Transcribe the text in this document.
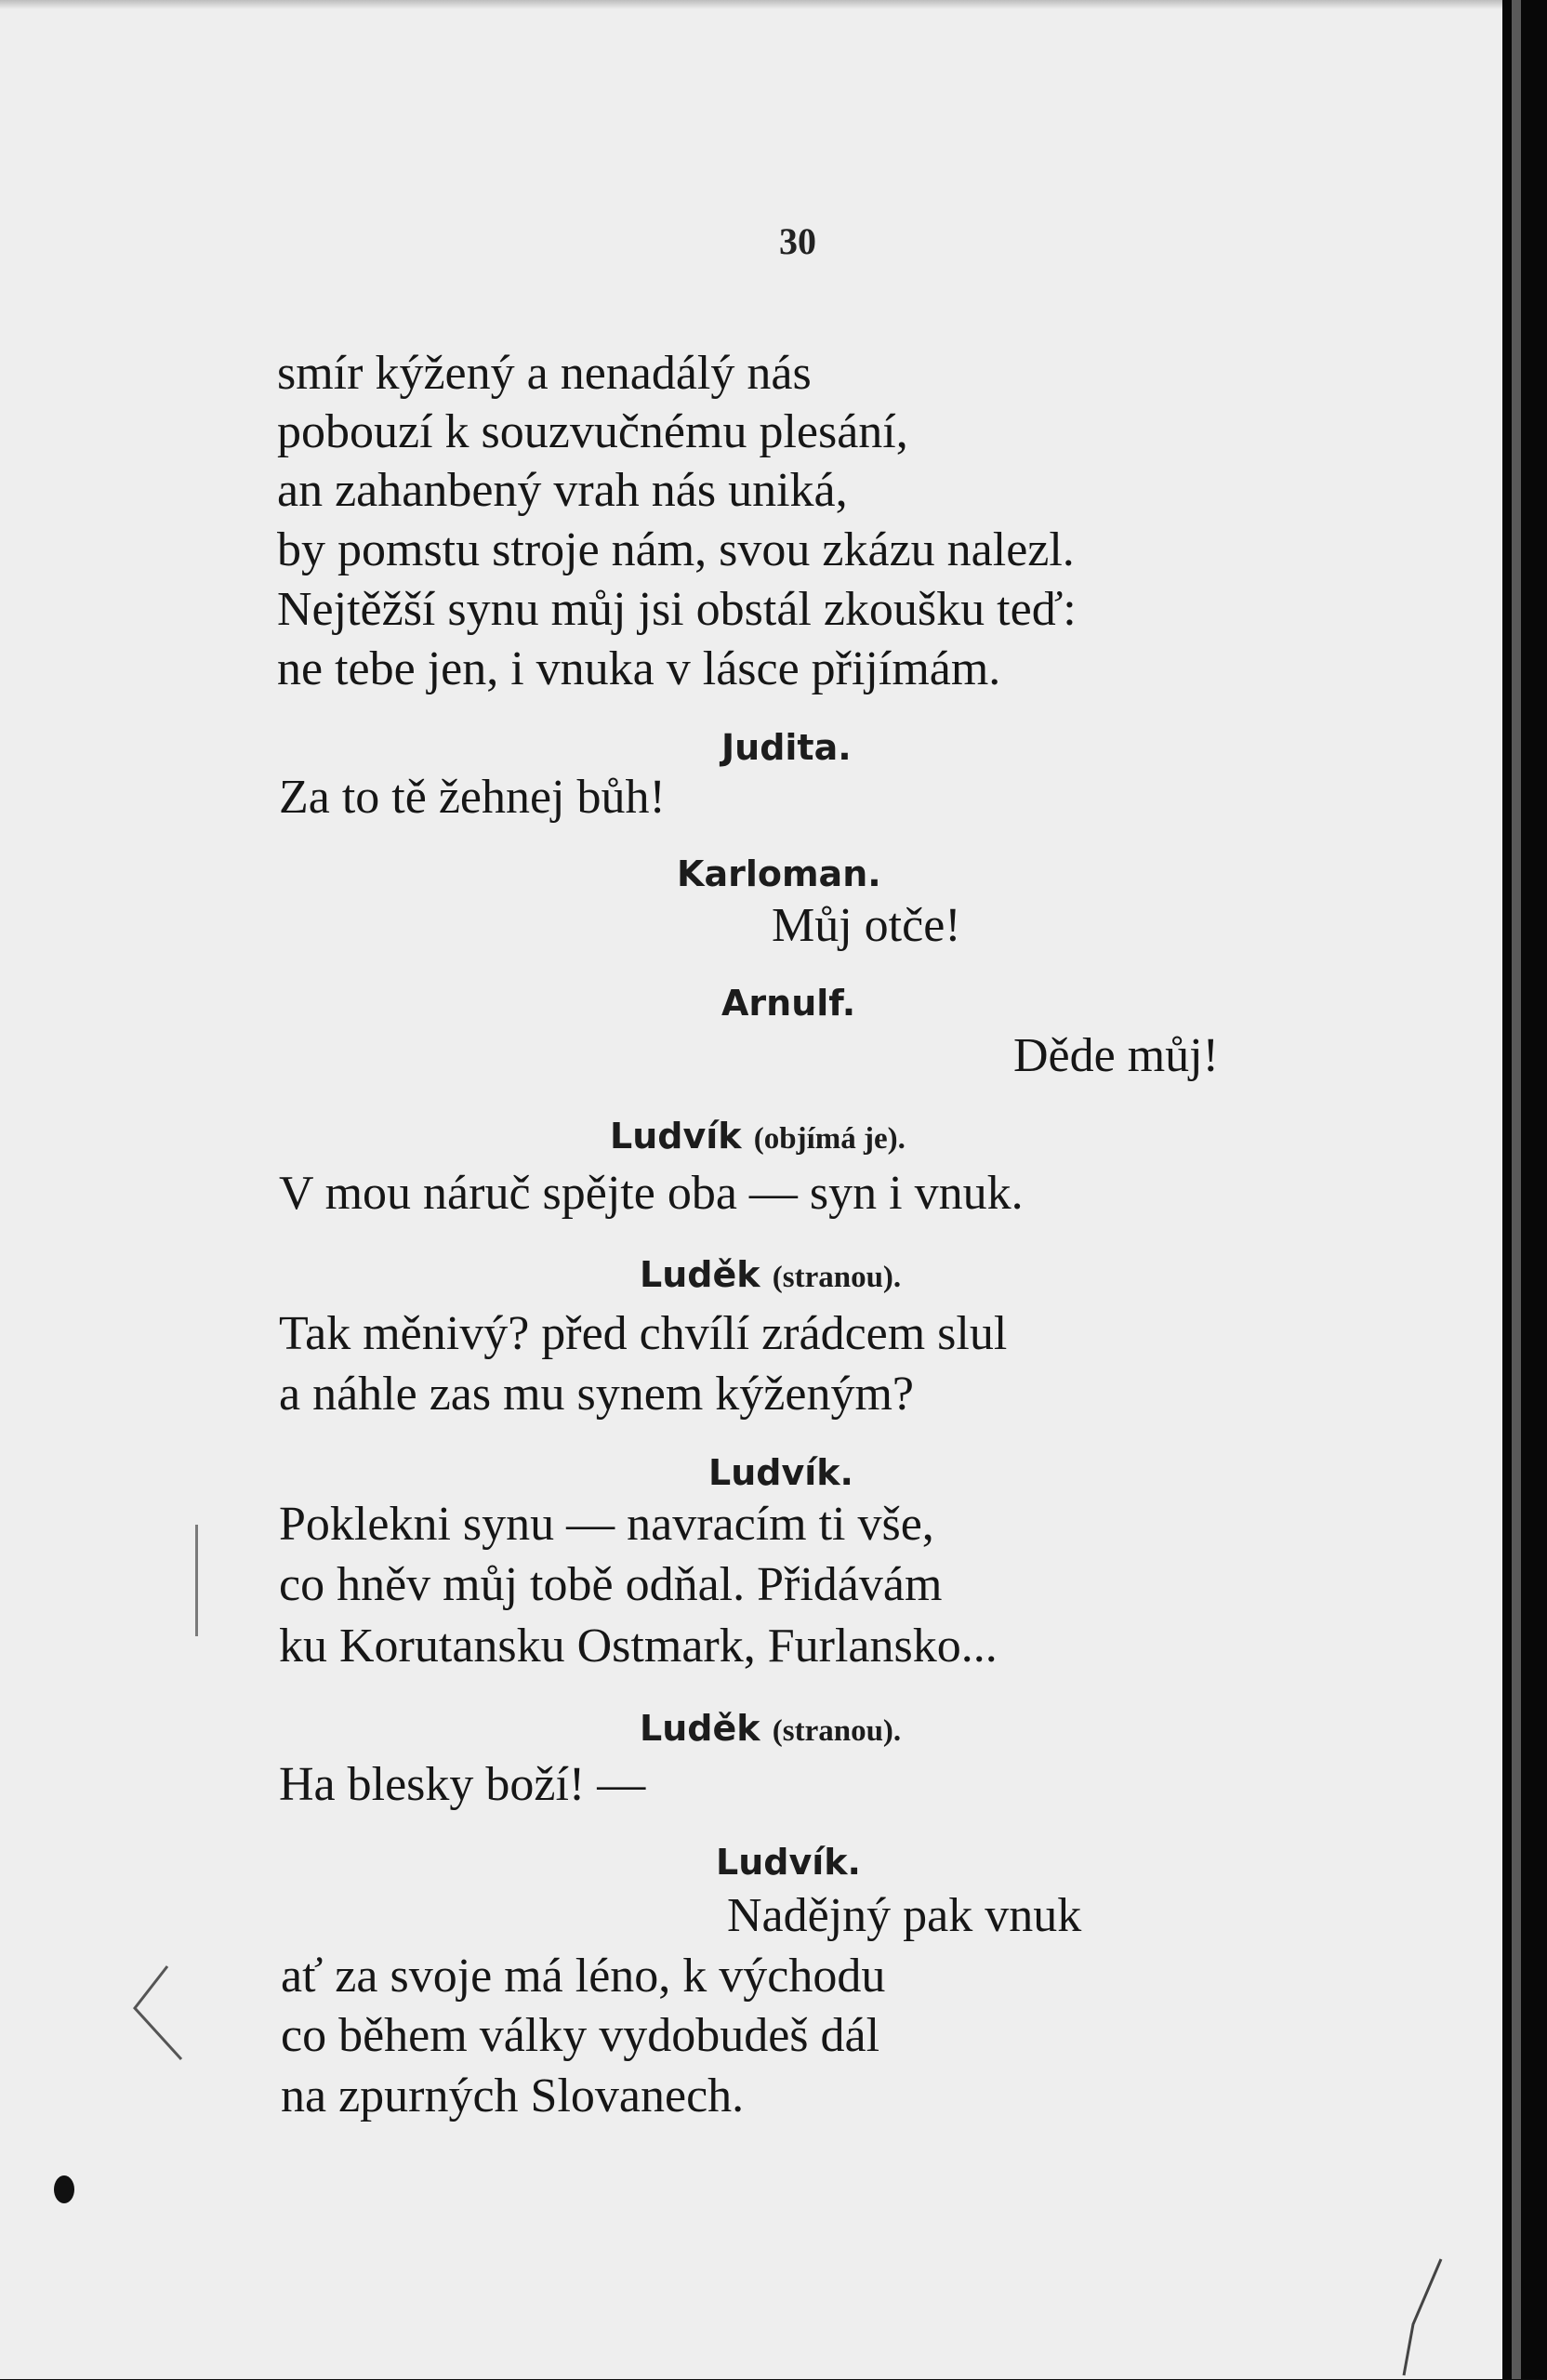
30
smír kýžený a nenadálý nás
pobouzí k souzvučnému plesání,
an zahanbený vrah nás uniká,
by pomstu stroje nám, svou zkázu nalezl.
Nejtěžší synu můj jsi obstál zkoušku teď:
ne tebe jen, i vnuka v lásce přijímám.
Judita.
Za to tě žehnej bůh!
Karloman.
Můj otče!
Arnulf.
Děde můj!
Ludvík (objímá je).
V mou náruč spějte oba — syn i vnuk.
Luděk (stranou).
Tak měnivý? před chvílí zrádcem slul
a náhle zas mu synem kýženým?
Ludvík.
Poklekni synu — navracím ti vše,
co hněv můj tobě odňal. Přidávám
ku Korutansku Ostmark, Furlansko...
Luděk (stranou).
Ha blesky boží! —
Ludvík.
Nadějný pak vnuk
ať za svoje má léno, k východu
co během války vydobudeš dál
na zpurných Slovanech.
